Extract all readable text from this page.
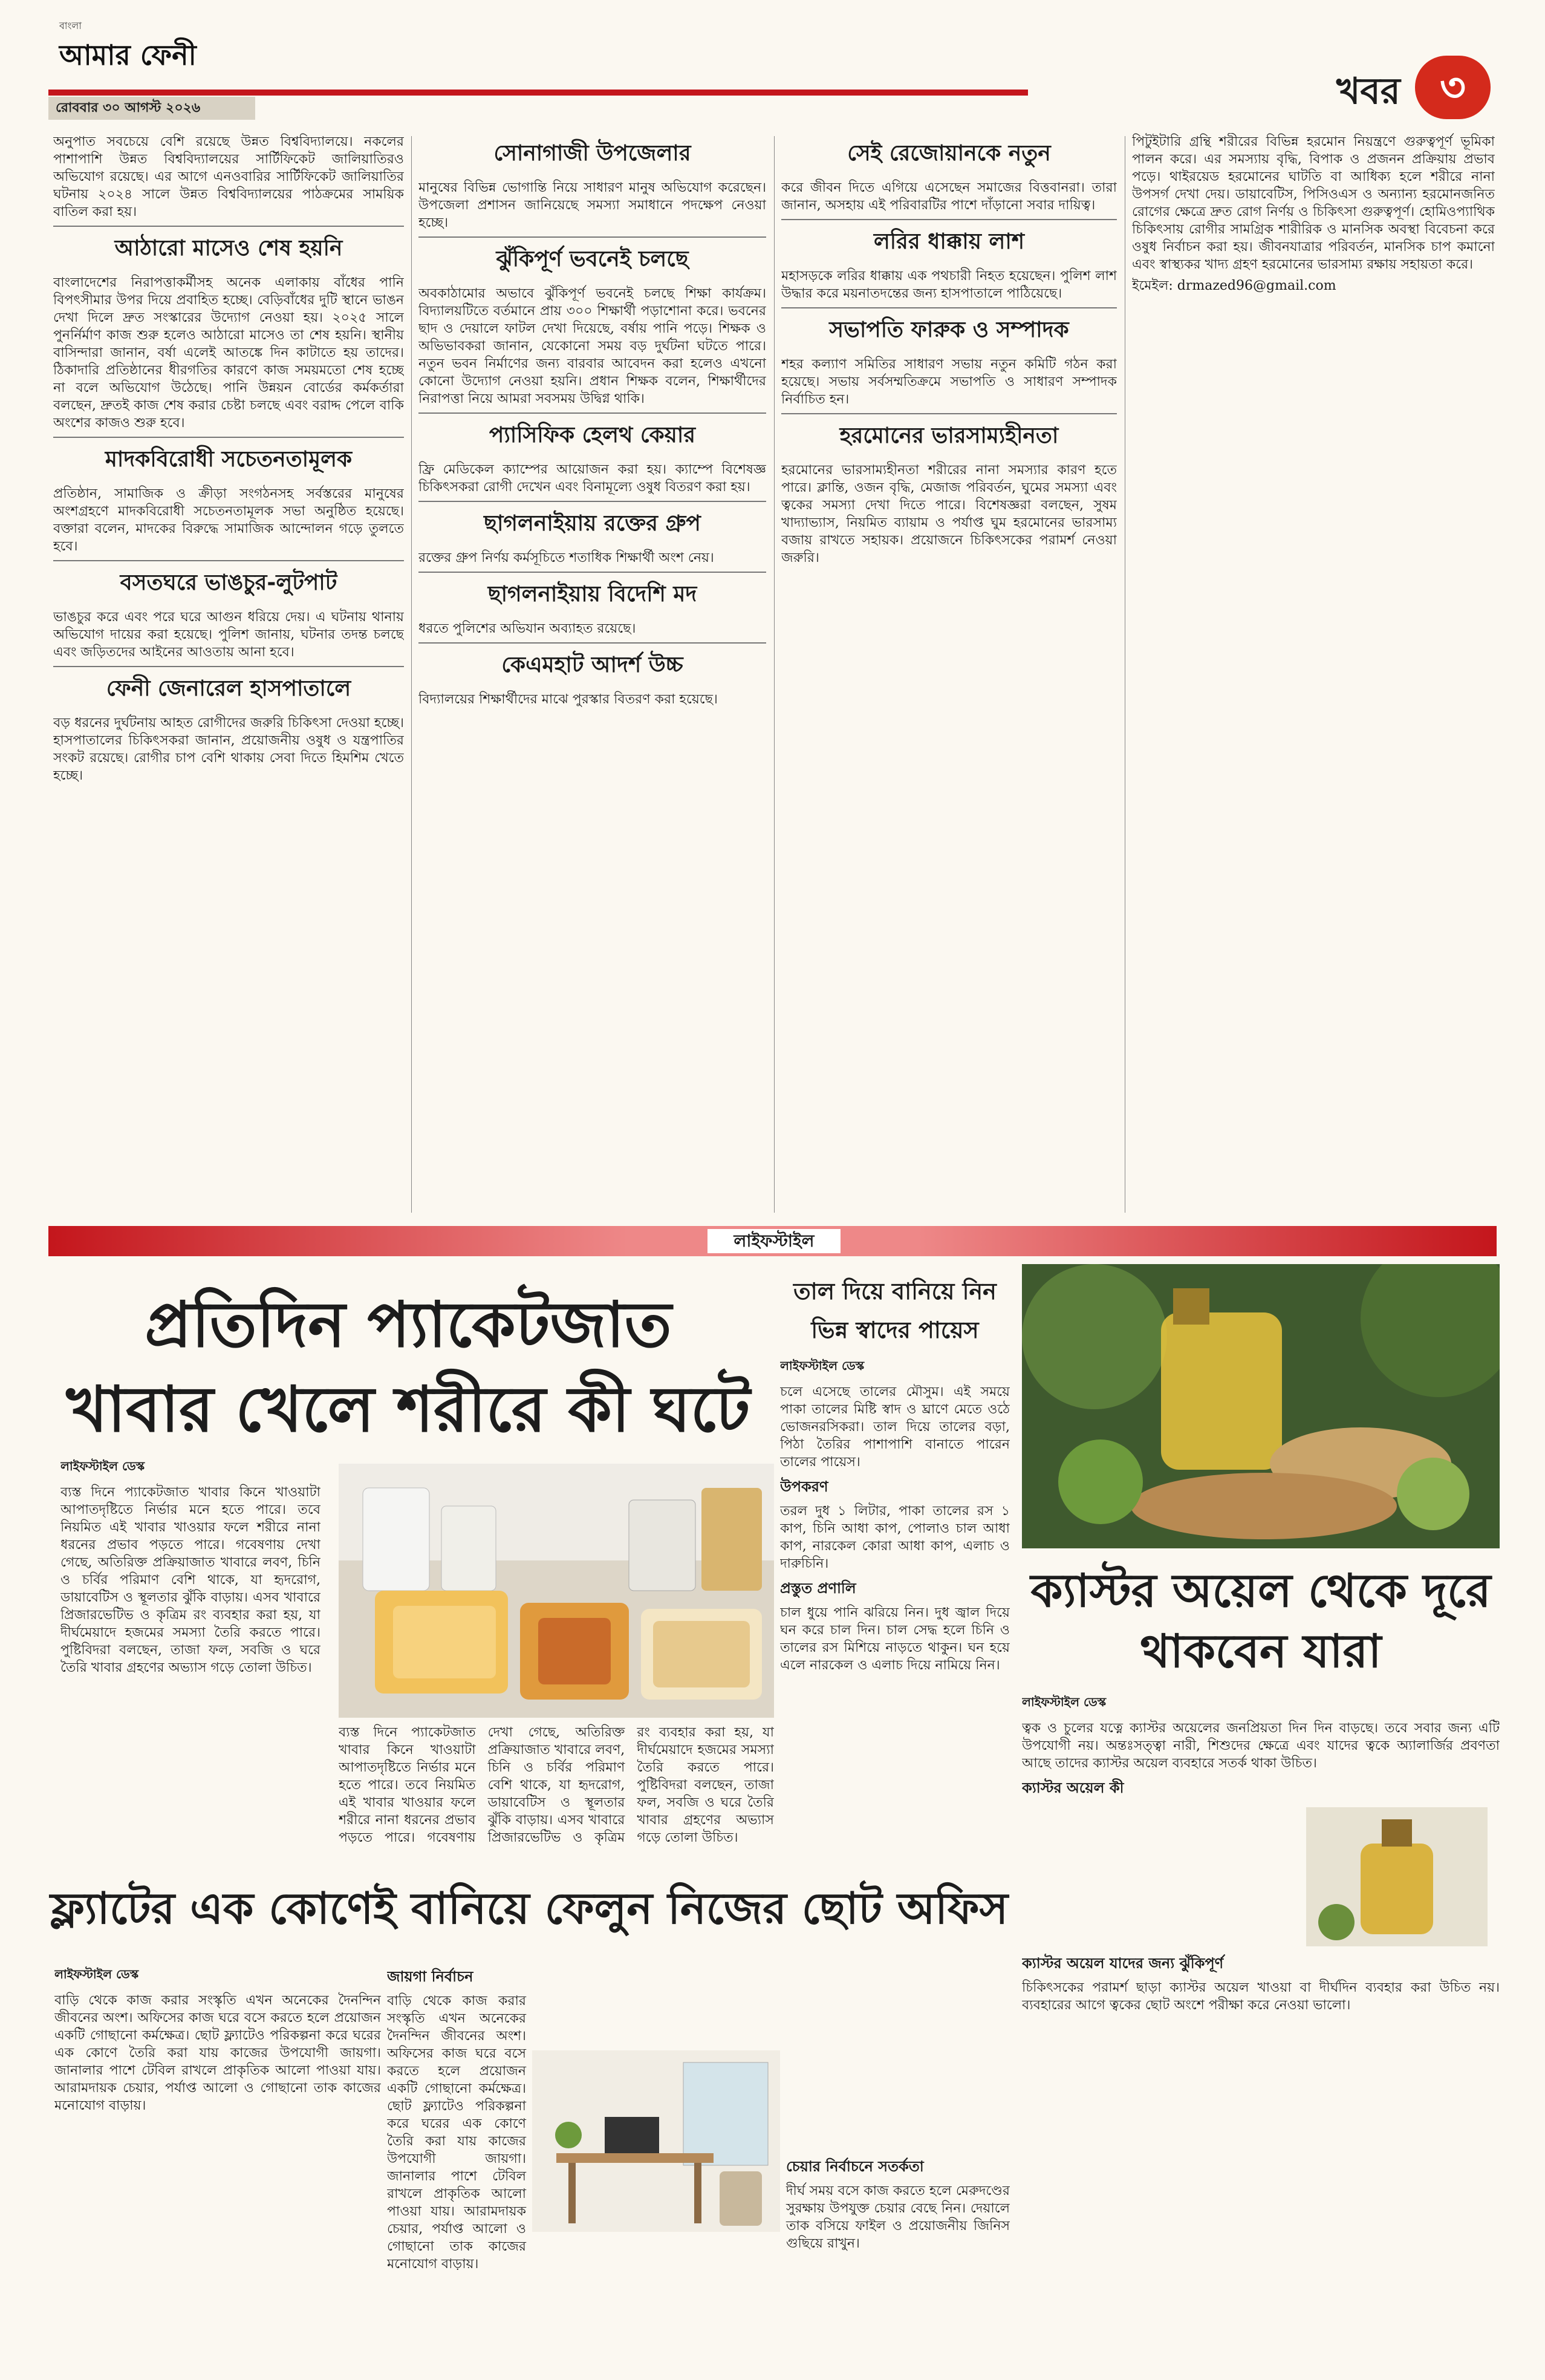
বাংলা
আমার ফেনী
রোববার ৩০ আগস্ট ২০২৬	খবর ৩

অনুপাত সবচেয়ে বেশি রয়েছে উন্নত বিশ্ববিদ্যালয়ে। নকলের পাশাপাশি উন্নত বিশ্ববিদ্যালয়ের সার্টিফিকেট জালিয়াতিরও অভিযোগ রয়েছে। এর আগে এনওবারির সার্টিফিকেট জালিয়াতির ঘটনায় ২০২৪ সালে উন্নত বিশ্ববিদ্যালয়ের পাঠক্রমের সাময়িক বাতিল করা হয়।

আঠারো মাসেও শেষ হয়নি

বাংলাদেশের নিরাপত্তাকর্মীসহ অনেক এলাকায় বাঁধের পানি বিপৎসীমার উপর দিয়ে প্রবাহিত হচ্ছে। বেড়িবাঁধের দুটি স্থানে ভাঙন দেখা দিলে দ্রুত সংস্কারের উদ্যোগ নেওয়া হয়। ২০২৫ সালে পুনর্নির্মাণ কাজ শুরু হলেও আঠারো মাসেও তা শেষ হয়নি। স্থানীয় বাসিন্দারা জানান, বর্ষা এলেই আতঙ্কে দিন কাটাতে হয় তাদের। ঠিকাদারি প্রতিষ্ঠানের ধীরগতির কারণে কাজ সময়মতো শেষ হচ্ছে না বলে অভিযোগ উঠেছে। পানি উন্নয়ন বোর্ডের কর্মকর্তারা বলছেন, দ্রুতই কাজ শেষ করার চেষ্টা চলছে এবং বরাদ্দ পেলে বাকি অংশের কাজও শুরু হবে।

মাদকবিরোধী সচেতনতামূলক

প্রতিষ্ঠান, সামাজিক ও ক্রীড়া সংগঠনসহ সর্বস্তরের মানুষের অংশগ্রহণে মাদকবিরোধী সচেতনতামূলক সভা অনুষ্ঠিত হয়েছে। বক্তারা বলেন, মাদকের বিরুদ্ধে সামাজিক আন্দোলন গড়ে তুলতে হবে।

বসতঘরে ভাঙচুর-লুটপাট

ভাঙচুর করে এবং পরে ঘরে আগুন ধরিয়ে দেয়। এ ঘটনায় থানায় অভিযোগ দায়ের করা হয়েছে। পুলিশ জানায়, ঘটনার তদন্ত চলছে এবং জড়িতদের আইনের আওতায় আনা হবে।

ফেনী জেনারেল হাসপাতালে

বড় ধরনের দুর্ঘটনায় আহত রোগীদের জরুরি চিকিৎসা দেওয়া হচ্ছে। হাসপাতালের চিকিৎসকরা জানান, প্রয়োজনীয় ওষুধ ও যন্ত্রপাতির সংকট রয়েছে। রোগীর চাপ বেশি থাকায় সেবা দিতে হিমশিম খেতে হচ্ছে।

সোনাগাজী উপজেলার

মানুষের বিভিন্ন ভোগান্তি নিয়ে সাধারণ মানুষ অভিযোগ করেছেন। উপজেলা প্রশাসন জানিয়েছে সমস্যা সমাধানে পদক্ষেপ নেওয়া হচ্ছে।

ঝুঁকিপূর্ণ ভবনেই চলছে

অবকাঠামোর অভাবে ঝুঁকিপূর্ণ ভবনেই চলছে শিক্ষা কার্যক্রম। বিদ্যালয়টিতে বর্তমানে প্রায় ৩০০ শিক্ষার্থী পড়াশোনা করে। ভবনের ছাদ ও দেয়ালে ফাটল দেখা দিয়েছে, বর্ষায় পানি পড়ে। শিক্ষক ও অভিভাবকরা জানান, যেকোনো সময় বড় দুর্ঘটনা ঘটতে পারে। নতুন ভবন নির্মাণের জন্য বারবার আবেদন করা হলেও এখনো কোনো উদ্যোগ নেওয়া হয়নি। প্রধান শিক্ষক বলেন, শিক্ষার্থীদের নিরাপত্তা নিয়ে আমরা সবসময় উদ্বিগ্ন থাকি।

প্যাসিফিক হেলথ কেয়ার

ফ্রি মেডিকেল ক্যাম্পের আয়োজন করা হয়। ক্যাম্পে বিশেষজ্ঞ চিকিৎসকরা রোগী দেখেন এবং বিনামূল্যে ওষুধ বিতরণ করা হয়।

ছাগলনাইয়ায় রক্তের গ্রুপ

রক্তের গ্রুপ নির্ণয় কর্মসূচিতে শতাধিক শিক্ষার্থী অংশ নেয়।

ছাগলনাইয়ায় বিদেশি মদ

ধরতে পুলিশের অভিযান অব্যাহত রয়েছে।

কেএমহাট আদর্শ উচ্চ

বিদ্যালয়ের শিক্ষার্থীদের মাঝে পুরস্কার বিতরণ করা হয়েছে।

সেই রেজোয়ানকে নতুন

করে জীবন দিতে এগিয়ে এসেছেন সমাজের বিত্তবানরা। তারা জানান, অসহায় এই পরিবারটির পাশে দাঁড়ানো সবার দায়িত্ব।

লরির ধাক্কায় লাশ

মহাসড়কে লরির ধাক্কায় এক পথচারী নিহত হয়েছেন। পুলিশ লাশ উদ্ধার করে ময়নাতদন্তের জন্য হাসপাতালে পাঠিয়েছে।

সভাপতি ফারুক ও সম্পাদক

শহর কল্যাণ সমিতির সাধারণ সভায় নতুন কমিটি গঠন করা হয়েছে। সভায় সর্বসম্মতিক্রমে সভাপতি ও সাধারণ সম্পাদক নির্বাচিত হন।

হরমোনের ভারসাম্যহীনতা

হরমোনের ভারসাম্যহীনতা শরীরের নানা সমস্যার কারণ হতে পারে। ক্লান্তি, ওজন বৃদ্ধি, মেজাজ পরিবর্তন, ঘুমের সমস্যা এবং ত্বকের সমস্যা দেখা দিতে পারে। বিশেষজ্ঞরা বলছেন, সুষম খাদ্যাভ্যাস, নিয়মিত ব্যায়াম ও পর্যাপ্ত ঘুম হরমোনের ভারসাম্য বজায় রাখতে সহায়ক। প্রয়োজনে চিকিৎসকের পরামর্শ নেওয়া জরুরি।

পিটুইটারি গ্রন্থি শরীরের বিভিন্ন হরমোন নিয়ন্ত্রণে গুরুত্বপূর্ণ ভূমিকা পালন করে। এর সমস্যায় বৃদ্ধি, বিপাক ও প্রজনন প্রক্রিয়ায় প্রভাব পড়ে। থাইরয়েড হরমোনের ঘাটতি বা আধিক্য হলে শরীরে নানা উপসর্গ দেখা দেয়। ডায়াবেটিস, পিসিওএস ও অন্যান্য হরমোনজনিত রোগের ক্ষেত্রে দ্রুত রোগ নির্ণয় ও চিকিৎসা গুরুত্বপূর্ণ। হোমিওপ্যাথিক চিকিৎসায় রোগীর সামগ্রিক শারীরিক ও মানসিক অবস্থা বিবেচনা করে ওষুধ নির্বাচন করা হয়। জীবনযাত্রার পরিবর্তন, মানসিক চাপ কমানো এবং স্বাস্থ্যকর খাদ্য গ্রহণ হরমোনের ভারসাম্য রক্ষায় সহায়তা করে।

ইমেইল: drmazed96@gmail.com

লাইফস্টাইল
প্রতিদিন প্যাকেটজাত খাবার খেলে শরীরে কী ঘটে
লাইফস্টাইল ডেস্ক

ব্যস্ত দিনে প্যাকেটজাত খাবার কিনে খাওয়াটা আপাতদৃষ্টিতে নির্ভার মনে হতে পারে। তবে নিয়মিত এই খাবার খাওয়ার ফলে শরীরে নানা ধরনের প্রভাব পড়তে পারে। গবেষণায় দেখা গেছে, অতিরিক্ত প্রক্রিয়াজাত খাবারে লবণ, চিনি ও চর্বির পরিমাণ বেশি থাকে, যা হৃদরোগ, ডায়াবেটিস ও স্থূলতার ঝুঁকি বাড়ায়। এসব খাবারে প্রিজারভেটিভ ও কৃত্রিম রং ব্যবহার করা হয়, যা দীর্ঘমেয়াদে হজমের সমস্যা তৈরি করতে পারে। পুষ্টিবিদরা বলছেন, তাজা ফল, সবজি ও ঘরে তৈরি খাবার গ্রহণের অভ্যাস গড়ে তোলা উচিত।

ব্যস্ত দিনে প্যাকেটজাত খাবার কিনে খাওয়াটা আপাতদৃষ্টিতে নির্ভার মনে হতে পারে। তবে নিয়মিত এই খাবার খাওয়ার ফলে শরীরে নানা ধরনের প্রভাব পড়তে পারে। গবেষণায় দেখা গেছে, অতিরিক্ত প্রক্রিয়াজাত খাবারে লবণ, চিনি ও চর্বির পরিমাণ বেশি থাকে, যা হৃদরোগ, ডায়াবেটিস ও স্থূলতার ঝুঁকি বাড়ায়। এসব খাবারে প্রিজারভেটিভ ও কৃত্রিম রং ব্যবহার করা হয়, যা দীর্ঘমেয়াদে হজমের সমস্যা তৈরি করতে পারে। পুষ্টিবিদরা বলছেন, তাজা ফল, সবজি ও ঘরে তৈরি খাবার গ্রহণের অভ্যাস গড়ে তোলা উচিত।

তাল দিয়ে বানিয়ে নিন ভিন্ন স্বাদের পায়েস
লাইফস্টাইল ডেস্ক

চলে এসেছে তালের মৌসুম। এই সময়ে পাকা তালের মিষ্টি স্বাদ ও ঘ্রাণে মেতে ওঠে ভোজনরসিকরা। তাল দিয়ে তালের বড়া, পিঠা তৈরির পাশাপাশি বানাতে পারেন তালের পায়েস।

উপকরণ

তরল দুধ ১ লিটার, পাকা তালের রস ১ কাপ, চিনি আধা কাপ, পোলাও চাল আধা কাপ, নারকেল কোরা আধা কাপ, এলাচ ও দারুচিনি।

প্রস্তুত প্রণালি

চাল ধুয়ে পানি ঝরিয়ে নিন। দুধ জ্বাল দিয়ে ঘন করে চাল দিন। চাল সেদ্ধ হলে চিনি ও তালের রস মিশিয়ে নাড়তে থাকুন। ঘন হয়ে এলে নারকেল ও এলাচ দিয়ে নামিয়ে নিন।

ক্যাস্টর অয়েল থেকে দূরে থাকবেন যারা
লাইফস্টাইল ডেস্ক

ত্বক ও চুলের যত্নে ক্যাস্টর অয়েলের জনপ্রিয়তা দিন দিন বাড়ছে। তবে সবার জন্য এটি উপযোগী নয়। অন্তঃসত্ত্বা নারী, শিশুদের ক্ষেত্রে এবং যাদের ত্বকে অ্যালার্জির প্রবণতা আছে তাদের ক্যাস্টর অয়েল ব্যবহারে সতর্ক থাকা উচিত।

ক্যাস্টর অয়েল কী
ক্যাস্টর অয়েল যাদের জন্য ঝুঁকিপূর্ণ

চিকিৎসকের পরামর্শ ছাড়া ক্যাস্টর অয়েল খাওয়া বা দীর্ঘদিন ব্যবহার করা উচিত নয়। ব্যবহারের আগে ত্বকের ছোট অংশে পরীক্ষা করে নেওয়া ভালো।

ফ্ল্যাটের এক কোণেই বানিয়ে ফেলুন নিজের ছোট অফিস
লাইফস্টাইল ডেস্ক

বাড়ি থেকে কাজ করার সংস্কৃতি এখন অনেকের দৈনন্দিন জীবনের অংশ। অফিসের কাজ ঘরে বসে করতে হলে প্রয়োজন একটি গোছানো কর্মক্ষেত্র। ছোট ফ্ল্যাটেও পরিকল্পনা করে ঘরের এক কোণে তৈরি করা যায় কাজের উপযোগী জায়গা। জানালার পাশে টেবিল রাখলে প্রাকৃতিক আলো পাওয়া যায়। আরামদায়ক চেয়ার, পর্যাপ্ত আলো ও গোছানো তাক কাজের মনোযোগ বাড়ায়।

জায়গা নির্বাচন

বাড়ি থেকে কাজ করার সংস্কৃতি এখন অনেকের দৈনন্দিন জীবনের অংশ। অফিসের কাজ ঘরে বসে করতে হলে প্রয়োজন একটি গোছানো কর্মক্ষেত্র। ছোট ফ্ল্যাটেও পরিকল্পনা করে ঘরের এক কোণে তৈরি করা যায় কাজের উপযোগী জায়গা। জানালার পাশে টেবিল রাখলে প্রাকৃতিক আলো পাওয়া যায়। আরামদায়ক চেয়ার, পর্যাপ্ত আলো ও গোছানো তাক কাজের মনোযোগ বাড়ায়।

চেয়ার নির্বাচনে সতর্কতা

দীর্ঘ সময় বসে কাজ করতে হলে মেরুদণ্ডের সুরক্ষায় উপযুক্ত চেয়ার বেছে নিন। দেয়ালে তাক বসিয়ে ফাইল ও প্রয়োজনীয় জিনিস গুছিয়ে রাখুন।
